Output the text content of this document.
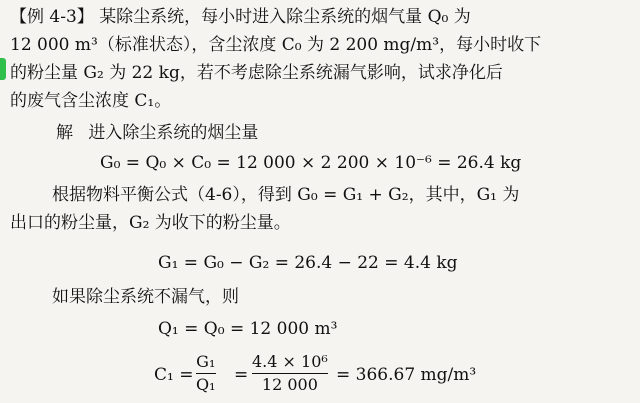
【例 4-3】 某除尘系统，每小时进入除尘系统的烟气量 Q₀ 为
12 000 m³（标准状态），含尘浓度 C₀ 为 2 200 mg/m³，每小时收下
的粉尘量 G₂ 为 22 kg，若不考虑除尘系统漏气影响，试求净化后
的废气含尘浓度 C₁。
解 进入除尘系统的烟尘量
G₀ = Q₀ × C₀ = 12 000 × 2 200 × 10⁻⁶ = 26.4 kg
根据物料平衡公式（4-6），得到 G₀ = G₁ + G₂，其中，G₁ 为
出口的粉尘量，G₂ 为收下的粉尘量。
G₁ = G₀ − G₂ = 26.4 − 22 = 4.4 kg
如果除尘系统不漏气，则
Q₁ = Q₀ = 12 000 m³
C₁ =
G₁
Q₁ =
4.4 × 10⁶
12 000 = 366.67 mg/m³
